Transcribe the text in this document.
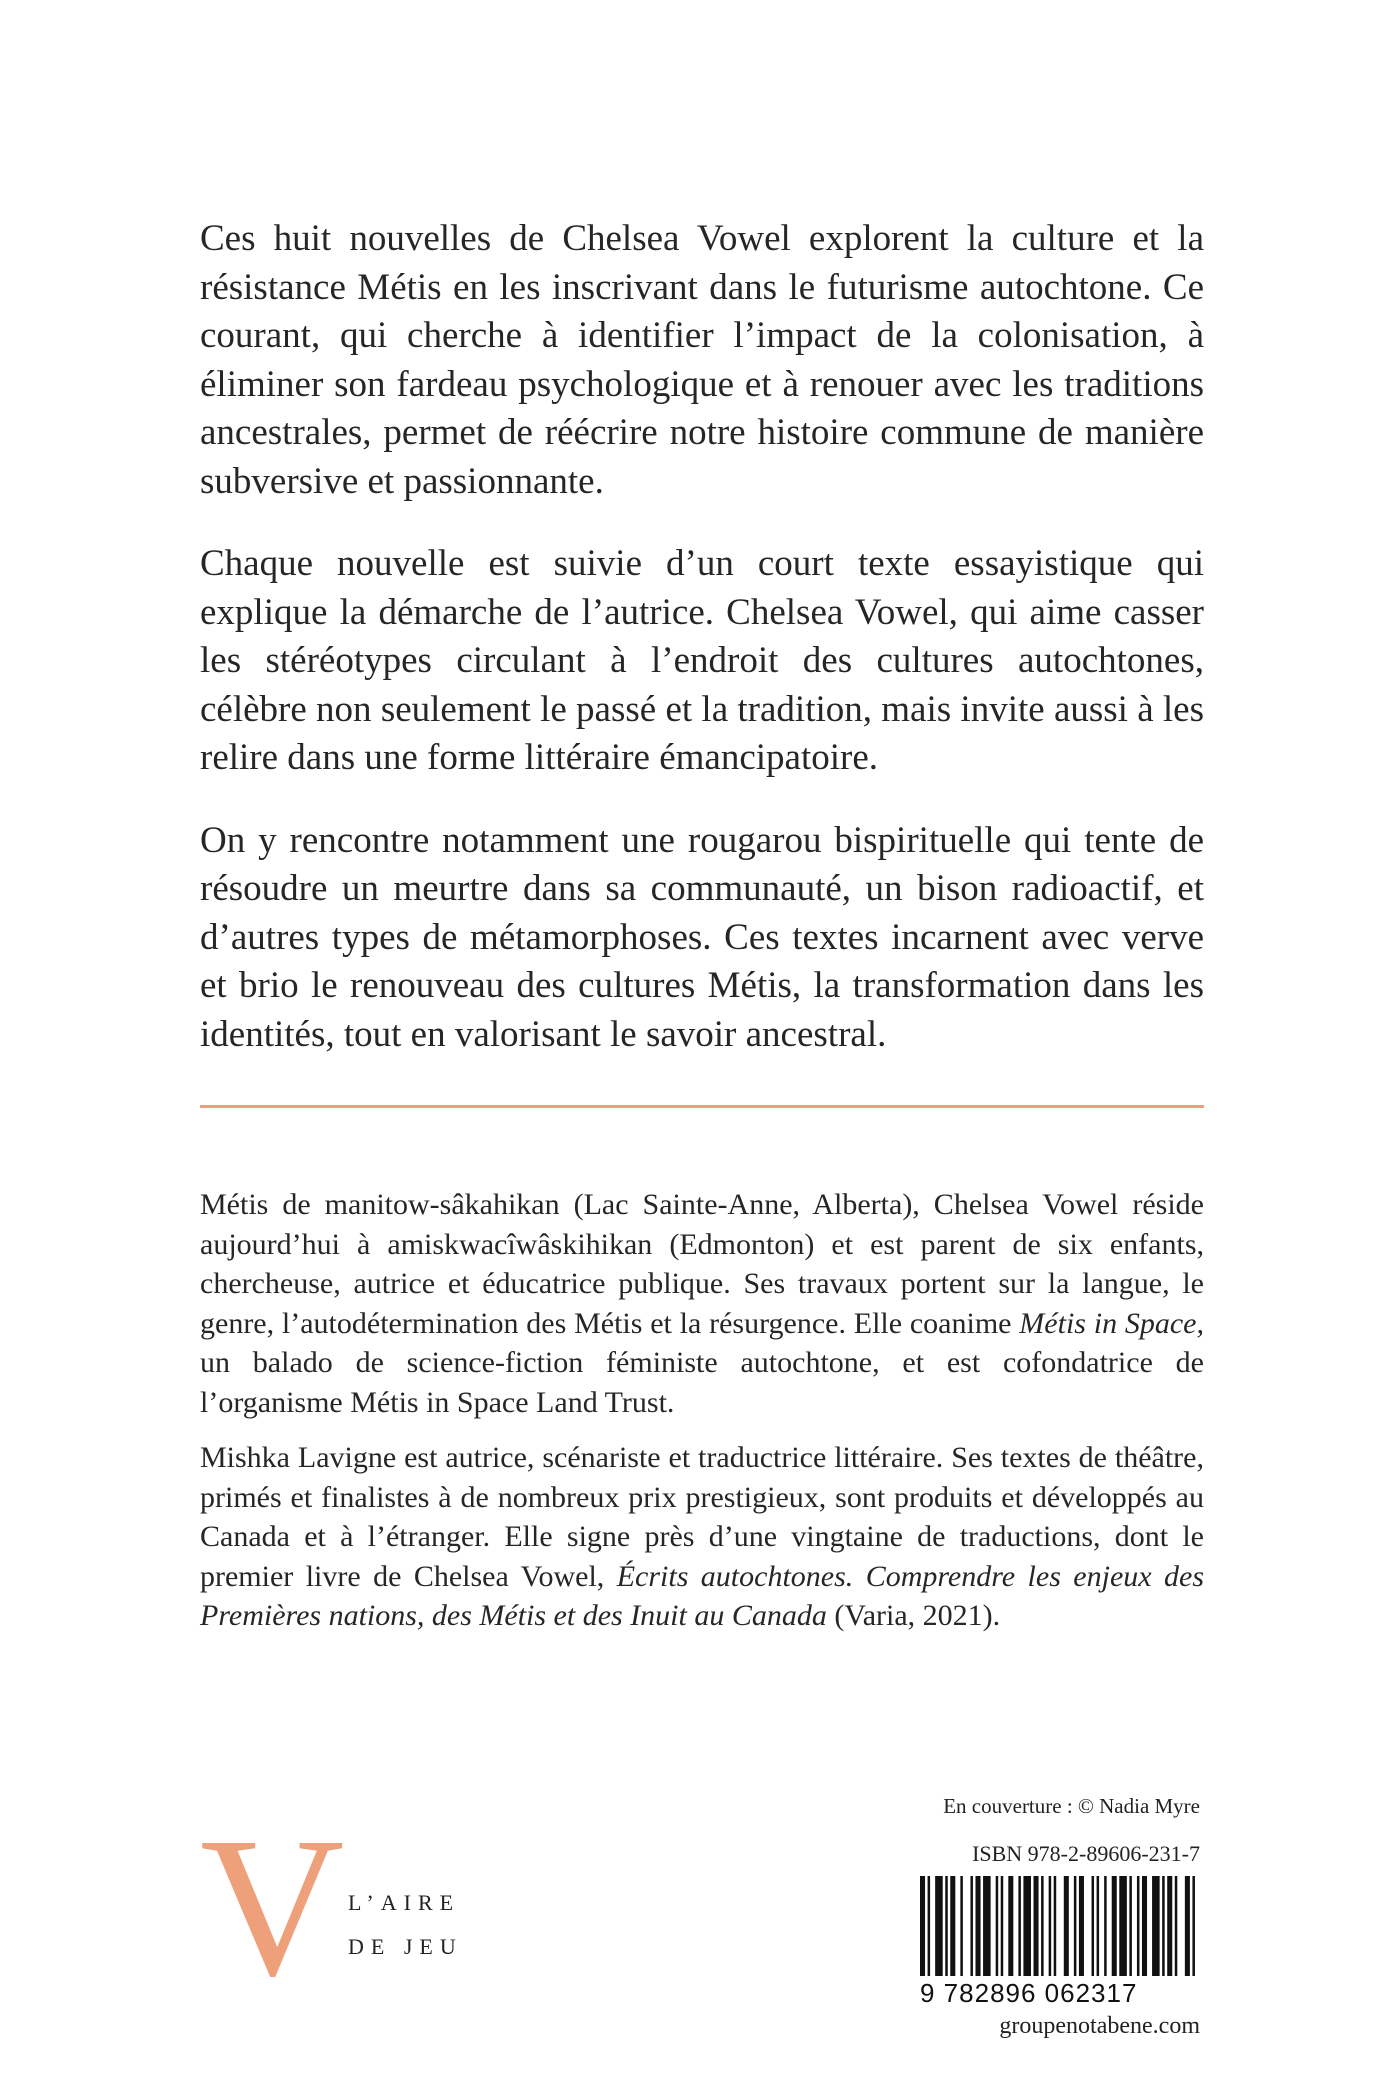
Ces huit nouvelles de Chelsea Vowel explorent la culture et la résistance Métis en les inscrivant dans le futurisme autochtone. Ce courant, qui cherche à identifier l’impact de la colonisation, à éliminer son fardeau psychologique et à renouer avec les traditions ancestrales, permet de réécrire notre histoire commune de manière subversive et passionnante.

Chaque nouvelle est suivie d’un court texte essayistique qui explique la démarche de l’autrice. Chelsea Vowel, qui aime casser les stéréotypes circulant à l’endroit des cultures autochtones, célèbre non seulement le passé et la tradition, mais invite aussi à les relire dans une forme littéraire émancipatoire.

On y rencontre notamment une rougarou bispirituelle qui tente de résoudre un meurtre dans sa communauté, un bison radioactif, et d’autres types de métamorphoses. Ces textes incarnent avec verve et brio le renouveau des cultures Métis, la transformation dans les identités, tout en valorisant le savoir ancestral.

Métis de manitow-sâkahikan (Lac Sainte-Anne, Alberta), Chelsea Vowel réside aujourd’hui à amiskwacîwâskihikan (Edmonton) et est parent de six enfants, chercheuse, autrice et éducatrice publique. Ses travaux portent sur la langue, le genre, l’autodétermination des Métis et la résurgence. Elle coanime Métis in Space, un balado de science-fiction féministe autochtone, et est cofondatrice de l’organisme Métis in Space Land Trust.

Mishka Lavigne est autrice, scénariste et traductrice littéraire. Ses textes de théâtre, primés et finalistes à de nombreux prix prestigieux, sont produits et développés au Canada et à l’étranger. Elle signe près d’une vingtaine de traductions, dont le premier livre de Chelsea Vowel, Écrits autochtones. Comprendre les enjeux des Premières nations, des Métis et des Inuit au Canada (Varia, 2021).

V L’AIRE
DE JEU
En couverture : © Nadia Myre
ISBN 978-2-89606-231-7
9 782896 062317
groupenotabene.com
